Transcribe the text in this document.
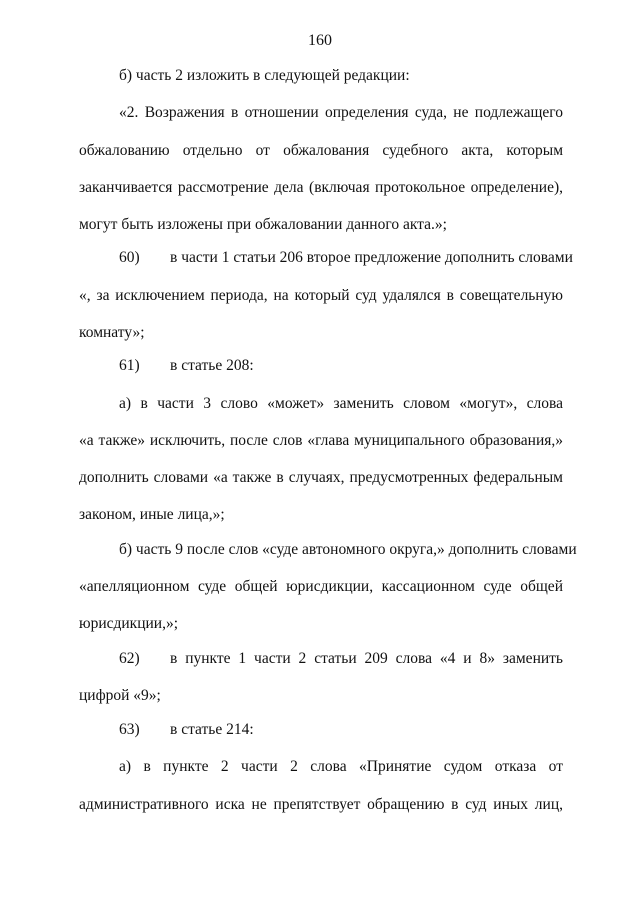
160
б) часть 2 изложить в следующей редакции:
«2. Возражения в отношении определения суда, не подлежащего
обжалованию отдельно от обжалования судебного акта, которым
заканчивается рассмотрение дела (включая протокольное определение),
могут быть изложены при обжаловании данного акта.»;
60) в части 1 статьи 206 второе предложение дополнить словами
«, за исключением периода, на который суд удалялся в совещательную
комнату»;
61) в статье 208:
а) в части 3 слово «может» заменить словом «могут», слова
«а также» исключить, после слов «глава муниципального образования,»
дополнить словами «а также в случаях, предусмотренных федеральным
законом, иные лица,»;
б) часть 9 после слов «суде автономного округа,» дополнить словами
«апелляционном суде общей юрисдикции, кассационном суде общей
юрисдикции,»;
62) в пункте 1 части 2 статьи 209 слова «4 и 8» заменить
цифрой «9»;
63) в статье 214:
а) в пункте 2 части 2 слова «Принятие судом отказа от
административного иска не препятствует обращению в суд иных лиц,
